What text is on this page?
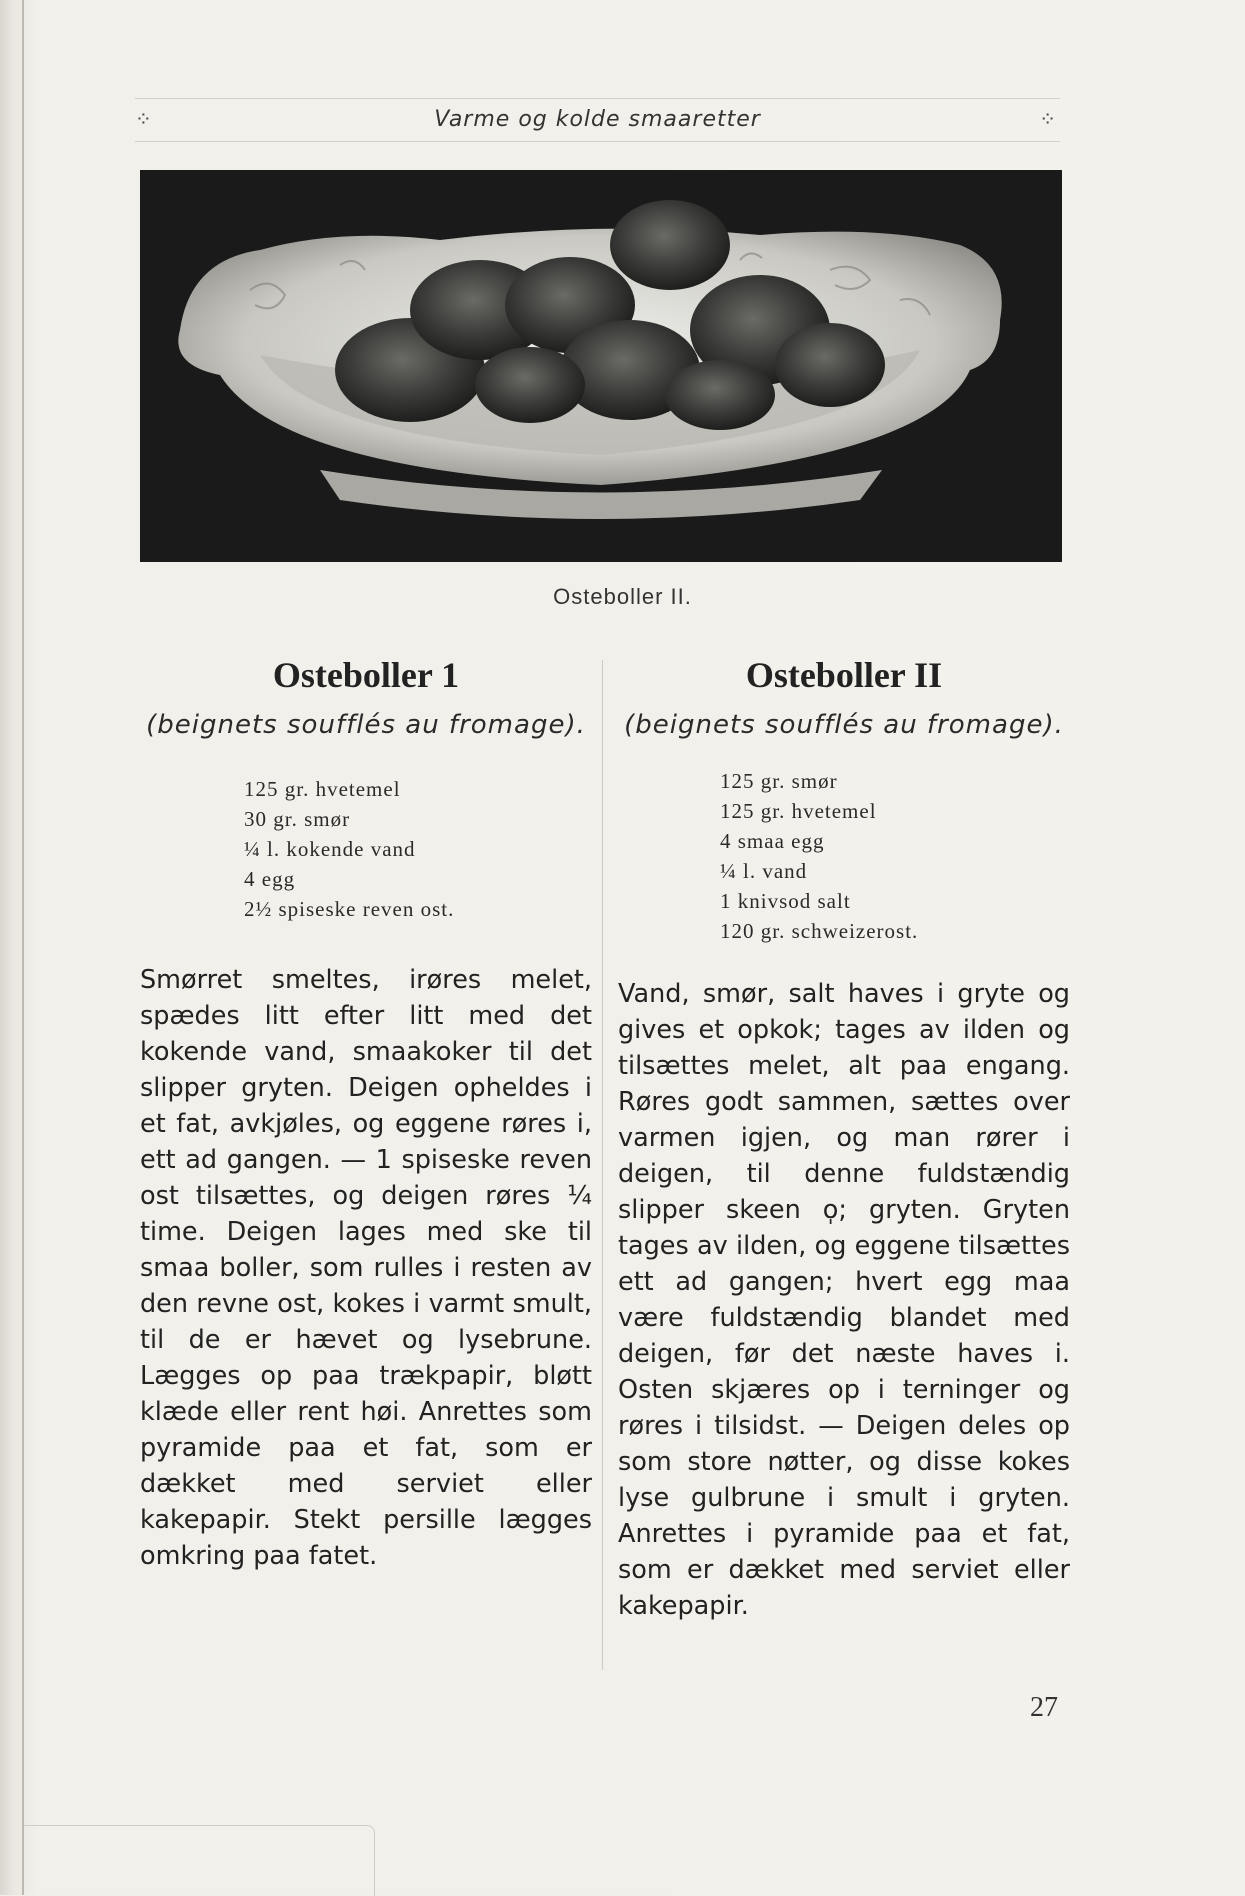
⁘	Varme og kolde smaaretter	⁘
Osteboller II.
Osteboller 1

(beignets soufflés au fromage).

125 gr. hvetemel
30 gr. smør
¼ l. kokende vand
4 egg
2½ spiseske reven ost.

Smørret smeltes, irøres melet, spædes litt efter litt med det kokende vand, smaakoker til det slipper gryten. Deigen opheldes i et fat, avkjøles, og eggene røres i, ett ad gangen. — 1 spiseske reven ost tilsættes, og deigen røres ¼ time. Deigen lages med ske til smaa boller, som rulles i resten av den revne ost, kokes i varmt smult, til de er hævet og lysebrune. Lægges op paa trækpapir, bløtt klæde eller rent høi. Anrettes som pyramide paa et fat, som er dækket med serviet eller kakepapir. Stekt persille lægges omkring paa fatet.

Osteboller II

(beignets soufflés au fromage).

125 gr. smør
125 gr. hvetemel
4 smaa egg
¼ l. vand
1 knivsod salt
120 gr. schweizerost.

Vand, smør, salt haves i gryte og gives et opkok; tages av ilden og tilsættes melet, alt paa engang. Røres godt sammen, sættes over varmen igjen, og man rører i deigen, til denne fuldstændig slipper skeen o̩; gryten. Gryten tages av ilden, og eggene tilsættes ett ad gangen; hvert egg maa være fuldstændig blandet med deigen, før det næste haves i. Osten skjæres op i terninger og røres i tilsidst. — Deigen deles op som store nøtter, og disse kokes lyse gulbrune i smult i gryten. Anrettes i pyramide paa et fat, som er dækket med serviet eller kakepapir.

27
